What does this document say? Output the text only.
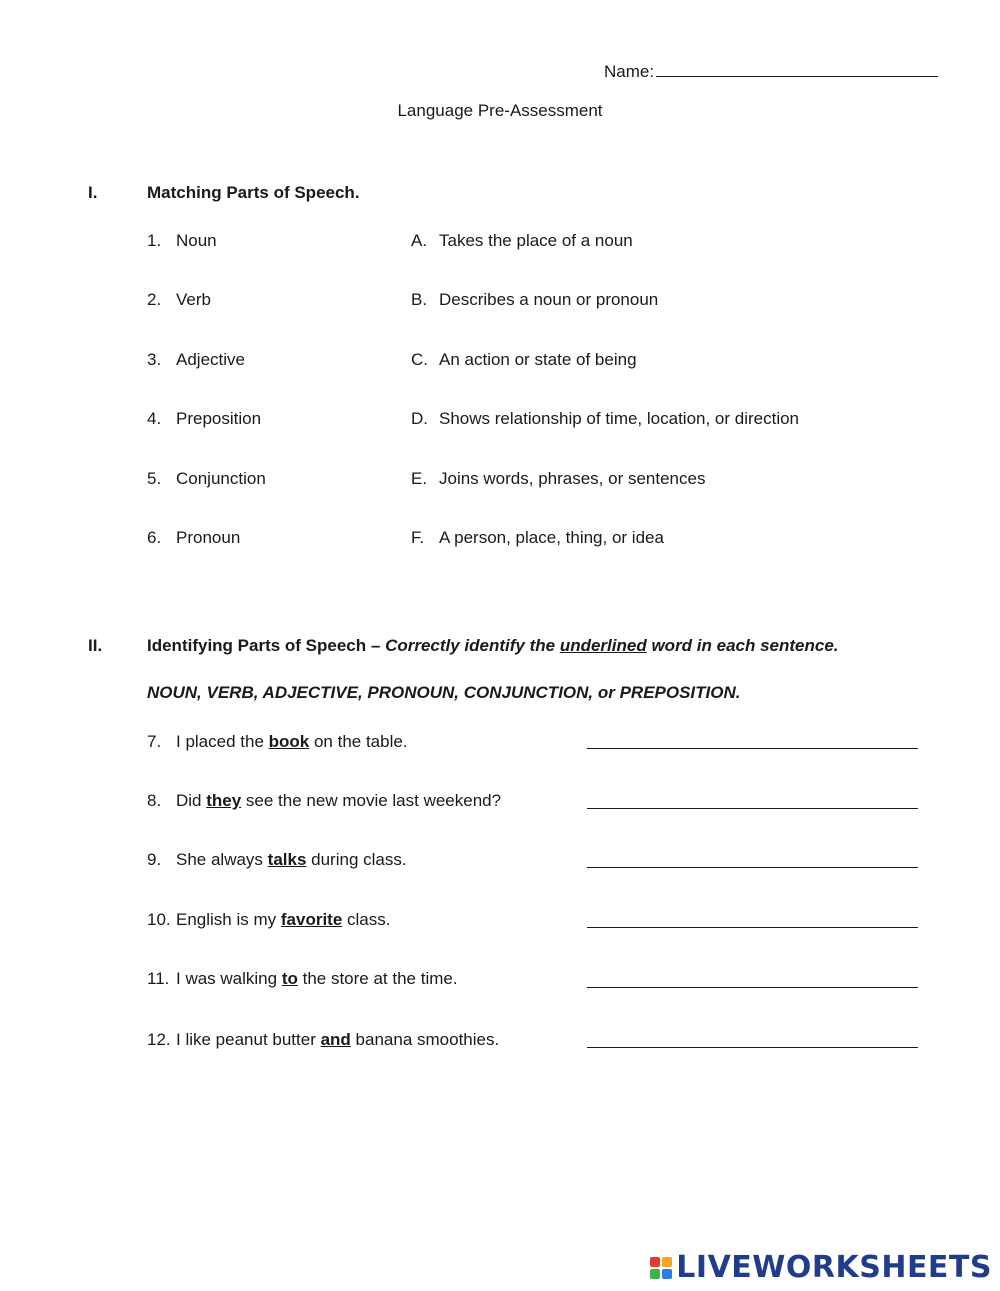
Name:
Language Pre-Assessment
I.	Matching Parts of Speech.
1. Noun	A. Takes the place of a noun
2. Verb	B. Describes a noun or pronoun
3. Adjective	C. An action or state of being
4. Preposition	D. Shows relationship of time, location, or direction
5. Conjunction	E. Joins words, phrases, or sentences
6. Pronoun	F. A person, place, thing, or idea
II.	Identifying Parts of Speech – Correctly identify the underlined word in each sentence.
NOUN, VERB, ADJECTIVE, PRONOUN, CONJUNCTION, or PREPOSITION.
7. I placed the book on the table.
8. Did they see the new movie last weekend?
9. She always talks during class.
10. English is my favorite class.
11. I was walking to the store at the time.
12. I like peanut butter and banana smoothies.
LIVEWORKSHEETS
